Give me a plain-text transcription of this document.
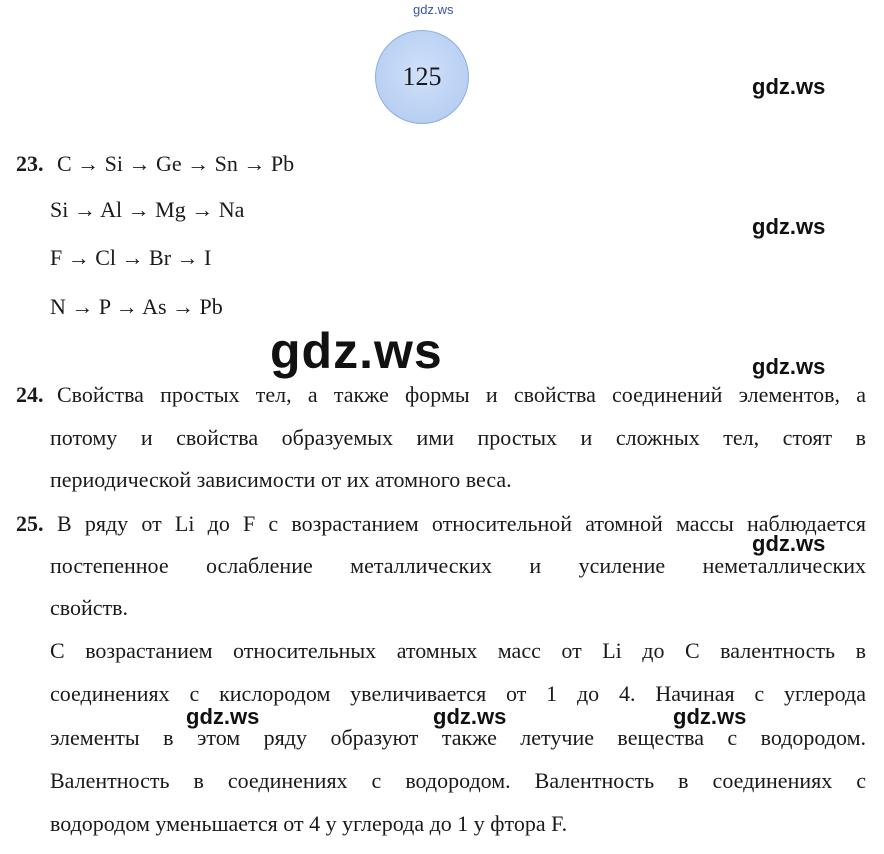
gdz.ws
125
23. C → Si → Ge → Sn → Pb
Si → Al → Mg → Na
F → Cl → Br → I
N → P → As → Pb
24. Свойства простых тел, а также формы и свойства соединений элементов, а
потому и свойства образуемых ими простых и сложных тел, стоят в
периодической зависимости от их атомного веса.
25. В ряду от Li до F с возрастанием относительной атомной массы наблюдается
постепенное ослабление металлических и усиление неметаллических
свойств.
С возрастанием относительных атомных масс от Li до C валентность в
соединениях с кислородом увеличивается от 1 до 4. Начиная с углерода
элементы в этом ряду образуют также летучие вещества с водородом.
Валентность в соединениях с водородом. Валентность в соединениях с
водородом уменьшается от 4 у углерода до 1 у фтора F.
gdz.ws
gdz.ws
gdz.ws	gdz.ws
gdz.ws
gdz.ws	gdz.ws	gdz.ws
